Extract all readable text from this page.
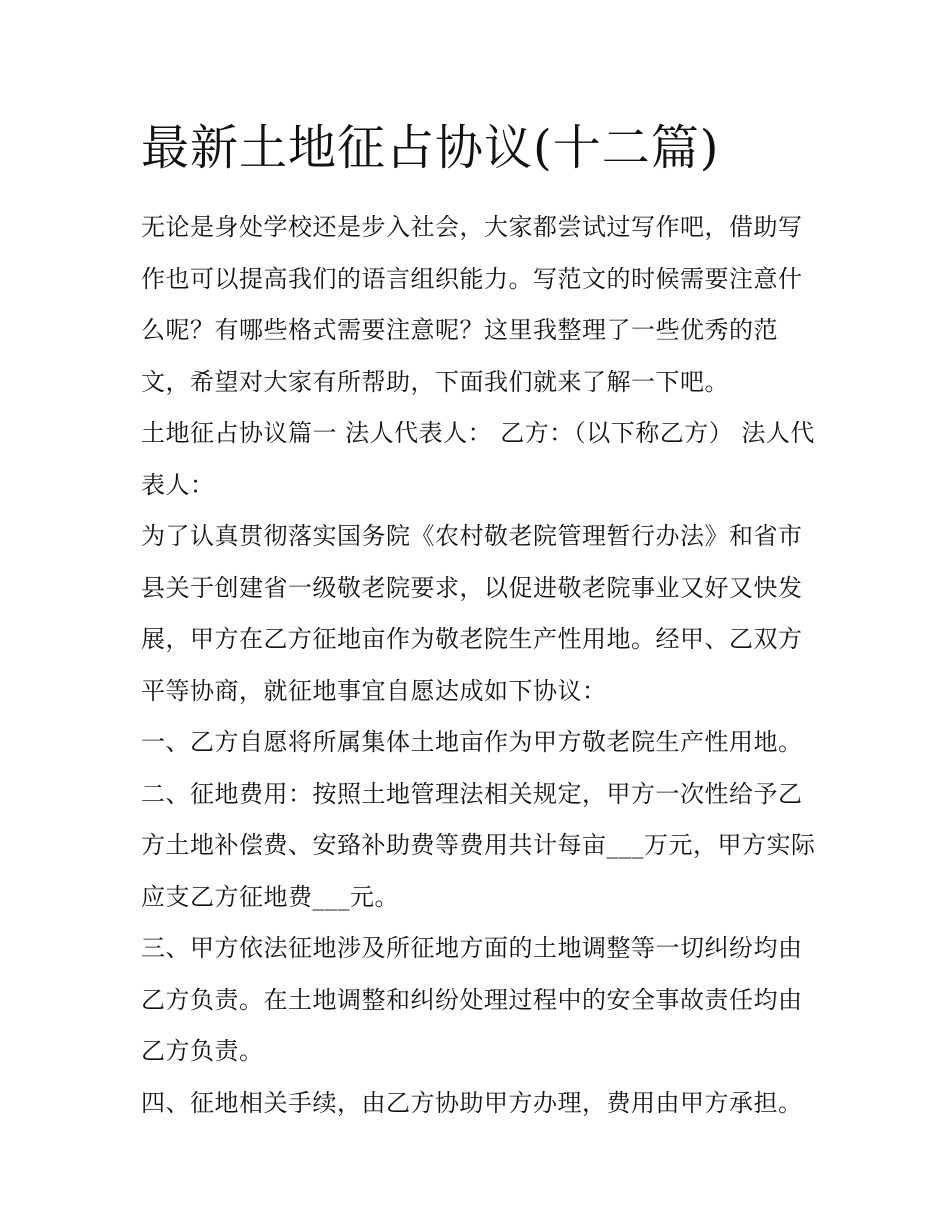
最新土地征占协议(十二篇)

无论是身处学校还是步入社会，大家都尝试过写作吧，借助写作也可以提高我们的语言组织能力。写范文的时候需要注意什么呢？有哪些格式需要注意呢？这里我整理了一些优秀的范文，希望对大家有所帮助，下面我们就来了解一下吧。

土地征占协议篇一 法人代表人： 乙方：（以下称乙方） 法人代表人：

为了认真贯彻落实国务院《农村敬老院管理暂行办法》和省市县关于创建省一级敬老院要求，以促进敬老院事业又好又快发展，甲方在乙方征地亩作为敬老院生产性用地。经甲、乙双方平等协商，就征地事宜自愿达成如下协议：

一、乙方自愿将所属集体土地亩作为甲方敬老院生产性用地。

二、征地费用：按照土地管理法相关规定，甲方一次性给予乙方土地补偿费、安臵补助费等费用共计每亩___万元，甲方实际应支乙方征地费___元。

三、甲方依法征地涉及所征地方面的土地调整等一切纠纷均由乙方负责。在土地调整和纠纷处理过程中的安全事故责任均由乙方负责。

四、征地相关手续，由乙方协助甲方办理，费用由甲方承担。
